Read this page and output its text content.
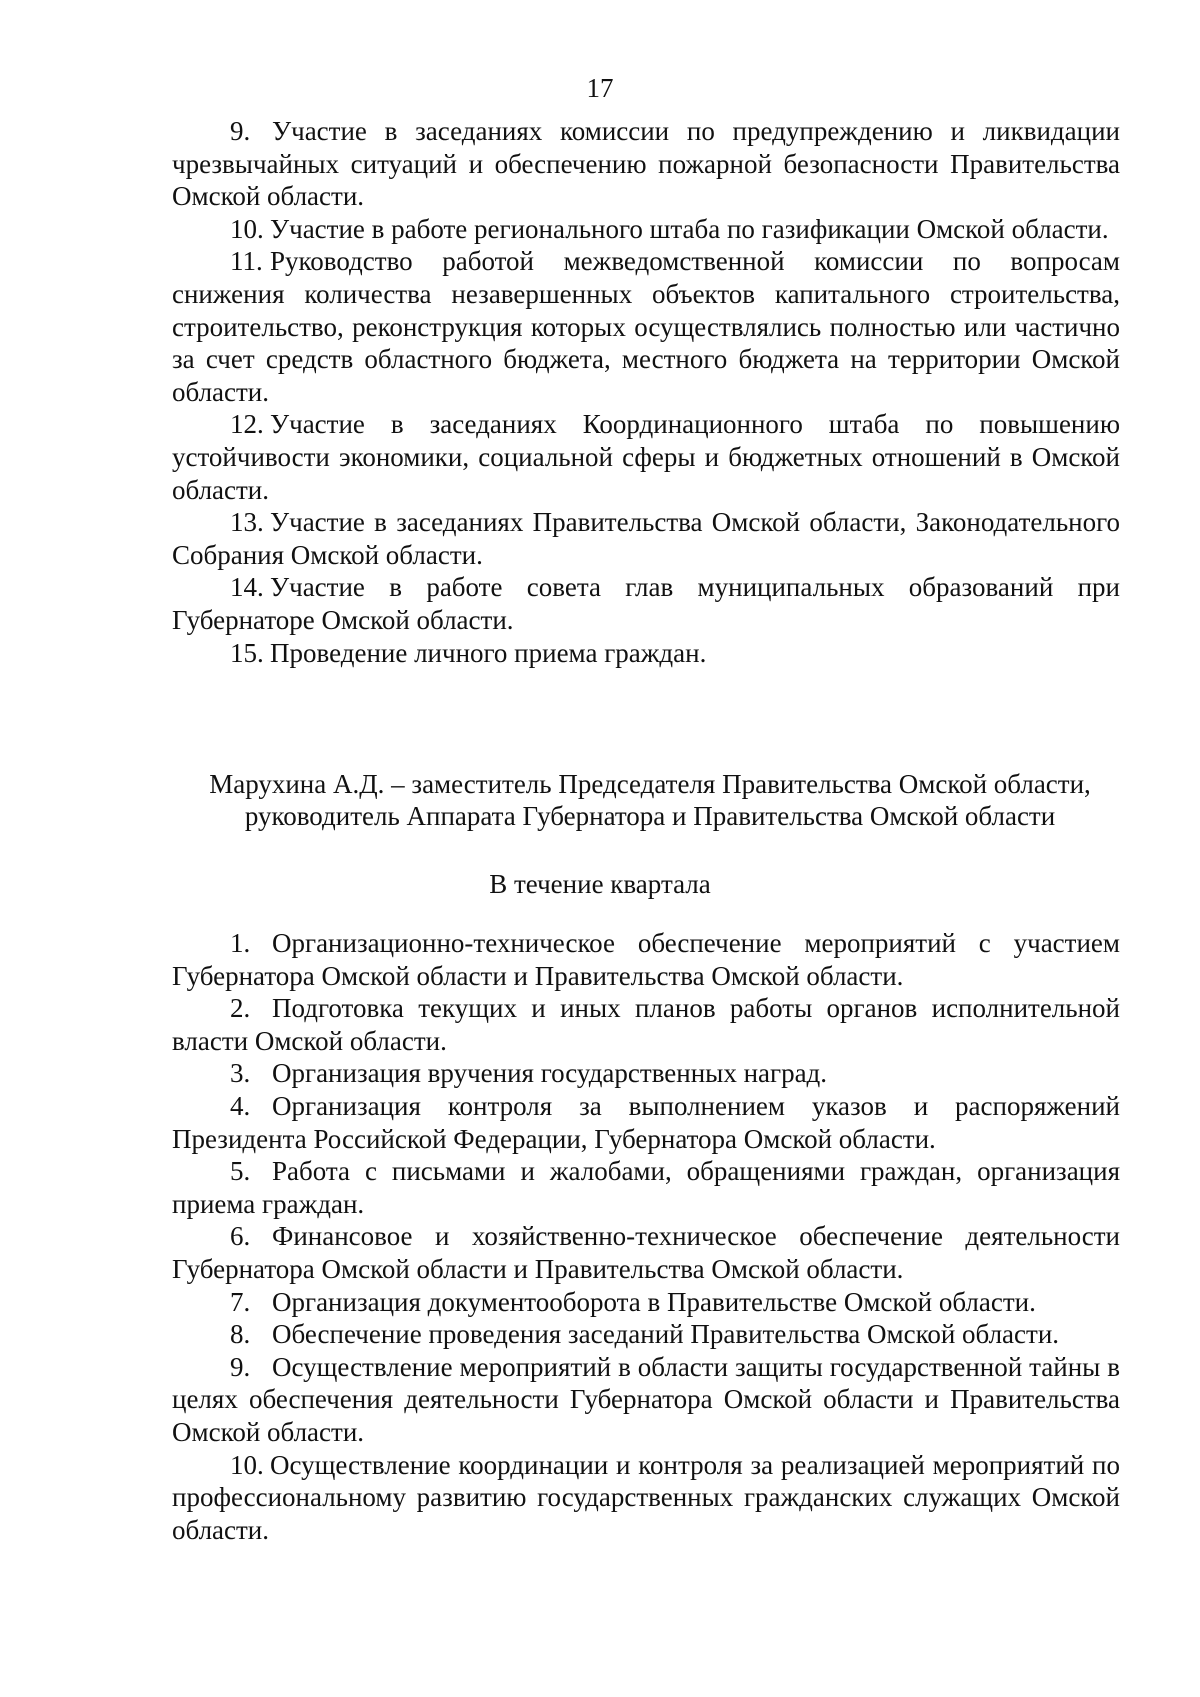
17

9. Участие в заседаниях комиссии по предупреждению и ликвидации чрезвычайных ситуаций и обеспечению пожарной безопасности Правительства Омской области.

10. Участие в работе регионального штаба по газификации Омской области.

11. Руководство работой межведомственной комиссии по вопросам снижения количества незавершенных объектов капитального строительства, строительство, реконструкция которых осуществлялись полностью или частично за счет средств областного бюджета, местного бюджета на территории Омской области.

12. Участие в заседаниях Координационного штаба по повышению устойчивости экономики, социальной сферы и бюджетных отношений в Омской области.

13. Участие в заседаниях Правительства Омской области, Законодательного Собрания Омской области.

14. Участие в работе совета глав муниципальных образований при Губернаторе Омской области.

15. Проведение личного приема граждан.

Марухина А.Д. – заместитель Председателя Правительства Омской области,
руководитель Аппарата Губернатора и Правительства Омской области
В течение квартала

1. Организационно-техническое обеспечение мероприятий с участием Губернатора Омской области и Правительства Омской области.

2. Подготовка текущих и иных планов работы органов исполнительной власти Омской области.

3. Организация вручения государственных наград.

4. Организация контроля за выполнением указов и распоряжений Президента Российской Федерации, Губернатора Омской области.

5. Работа с письмами и жалобами, обращениями граждан, организация приема граждан.

6. Финансовое и хозяйственно-техническое обеспечение деятельности Губернатора Омской области и Правительства Омской области.

7. Организация документооборота в Правительстве Омской области.

8. Обеспечение проведения заседаний Правительства Омской области.

9. Осуществление мероприятий в области защиты государственной тайны в целях обеспечения деятельности Губернатора Омской области и Правительства Омской области.

10. Осуществление координации и контроля за реализацией мероприятий по профессиональному развитию государственных гражданских служащих Омской области.
